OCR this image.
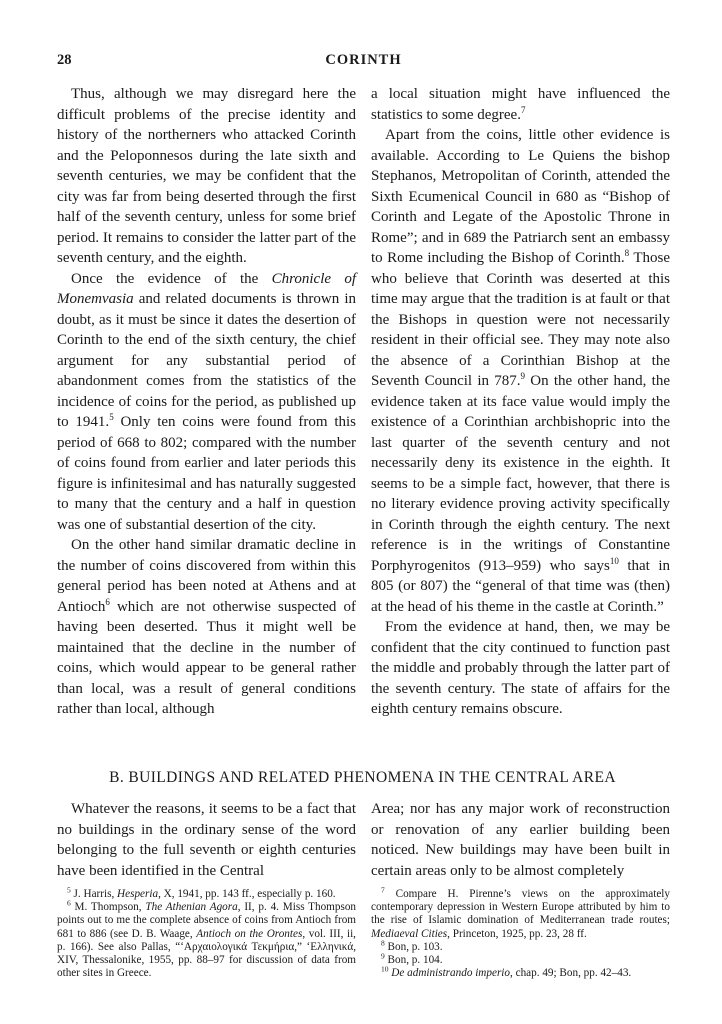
28	CORINTH

Thus, although we may disregard here the difficult problems of the precise identity and history of the northerners who attacked Corinth and the Peloponnesos during the late sixth and seventh centuries, we may be confident that the city was far from being deserted through the first half of the seventh century, unless for some brief period. It remains to consider the latter part of the seventh century, and the eighth.

Once the evidence of the Chronicle of Monemvasia and related documents is thrown in doubt, as it must be since it dates the desertion of Corinth to the end of the sixth century, the chief argument for any substantial period of abandonment comes from the statistics of the incidence of coins for the period, as published up to 1941.$^5$ Only ten coins were found from this period of 668 to 802; compared with the number of coins found from earlier and later periods this figure is infinitesimal and has naturally suggested to many that the century and a half in question was one of substantial desertion of the city.

On the other hand similar dramatic decline in the number of coins discovered from within this general period has been noted at Athens and at Antioch$^6$ which are not otherwise suspected of having been deserted. Thus it might well be maintained that the decline in the number of coins, which would appear to be general rather than local, was a result of general conditions rather than local, although

a local situation might have influenced the statistics to some degree.$^7$

Apart from the coins, little other evidence is available. According to Le Quiens the bishop Stephanos, Metropolitan of Corinth, attended the Sixth Ecumenical Council in 680 as “Bishop of Corinth and Legate of the Apostolic Throne in Rome”; and in 689 the Patriarch sent an embassy to Rome including the Bishop of Corinth.$^8$ Those who believe that Corinth was deserted at this time may argue that the tradition is at fault or that the Bishops in question were not necessarily resident in their official see. They may note also the absence of a Corinthian Bishop at the Seventh Council in 787.$^9$ On the other hand, the evidence taken at its face value would imply the existence of a Corinthian archbishopric into the last quarter of the seventh century and not necessarily deny its existence in the eighth. It seems to be a simple fact, however, that there is no literary evidence proving activity specifically in Corinth through the eighth century. The next reference is in the writings of Constantine Porphyrogenitos (913–959) who says$^{10}$ that in 805 (or 807) the “general of that time was (then) at the head of his theme in the castle at Corinth.”

From the evidence at hand, then, we may be confident that the city continued to function past the middle and probably through the latter part of the seventh century. The state of affairs for the eighth century remains obscure.

B. BUILDINGS AND RELATED PHENOMENA IN THE CENTRAL AREA

Whatever the reasons, it seems to be a fact that no buildings in the ordinary sense of the word belonging to the full seventh or eighth centuries have been identified in the Central

Area; nor has any major work of reconstruction or renovation of any earlier building been noticed. New buildings may have been built in certain areas only to be almost completely

$^5$ J. Harris, Hesperia, X, 1941, pp. 143 ff., especially p. 160.

$^6$ M. Thompson, The Athenian Agora, II, p. 4. Miss Thompson points out to me the complete absence of coins from Antioch from 681 to 886 (see D. B. Waage, Antioch on the Orontes, vol. III, ii, p. 166). See also Pallas, “‘Αρχαιολογικά Τεκμήρια,” ‘Ελληνικά, XIV, Thessalonike, 1955, pp. 88–97 for discussion of data from other sites in Greece.

$^7$ Compare H. Pirenne’s views on the approximately contemporary depression in Western Europe attributed by him to the rise of Islamic domination of Mediterranean trade routes; Mediaeval Cities, Princeton, 1925, pp. 23, 28 ff.

$^8$ Bon, p. 103.

$^9$ Bon, p. 104.

$^{10}$ De administrando imperio, chap. 49; Bon, pp. 42–43.
